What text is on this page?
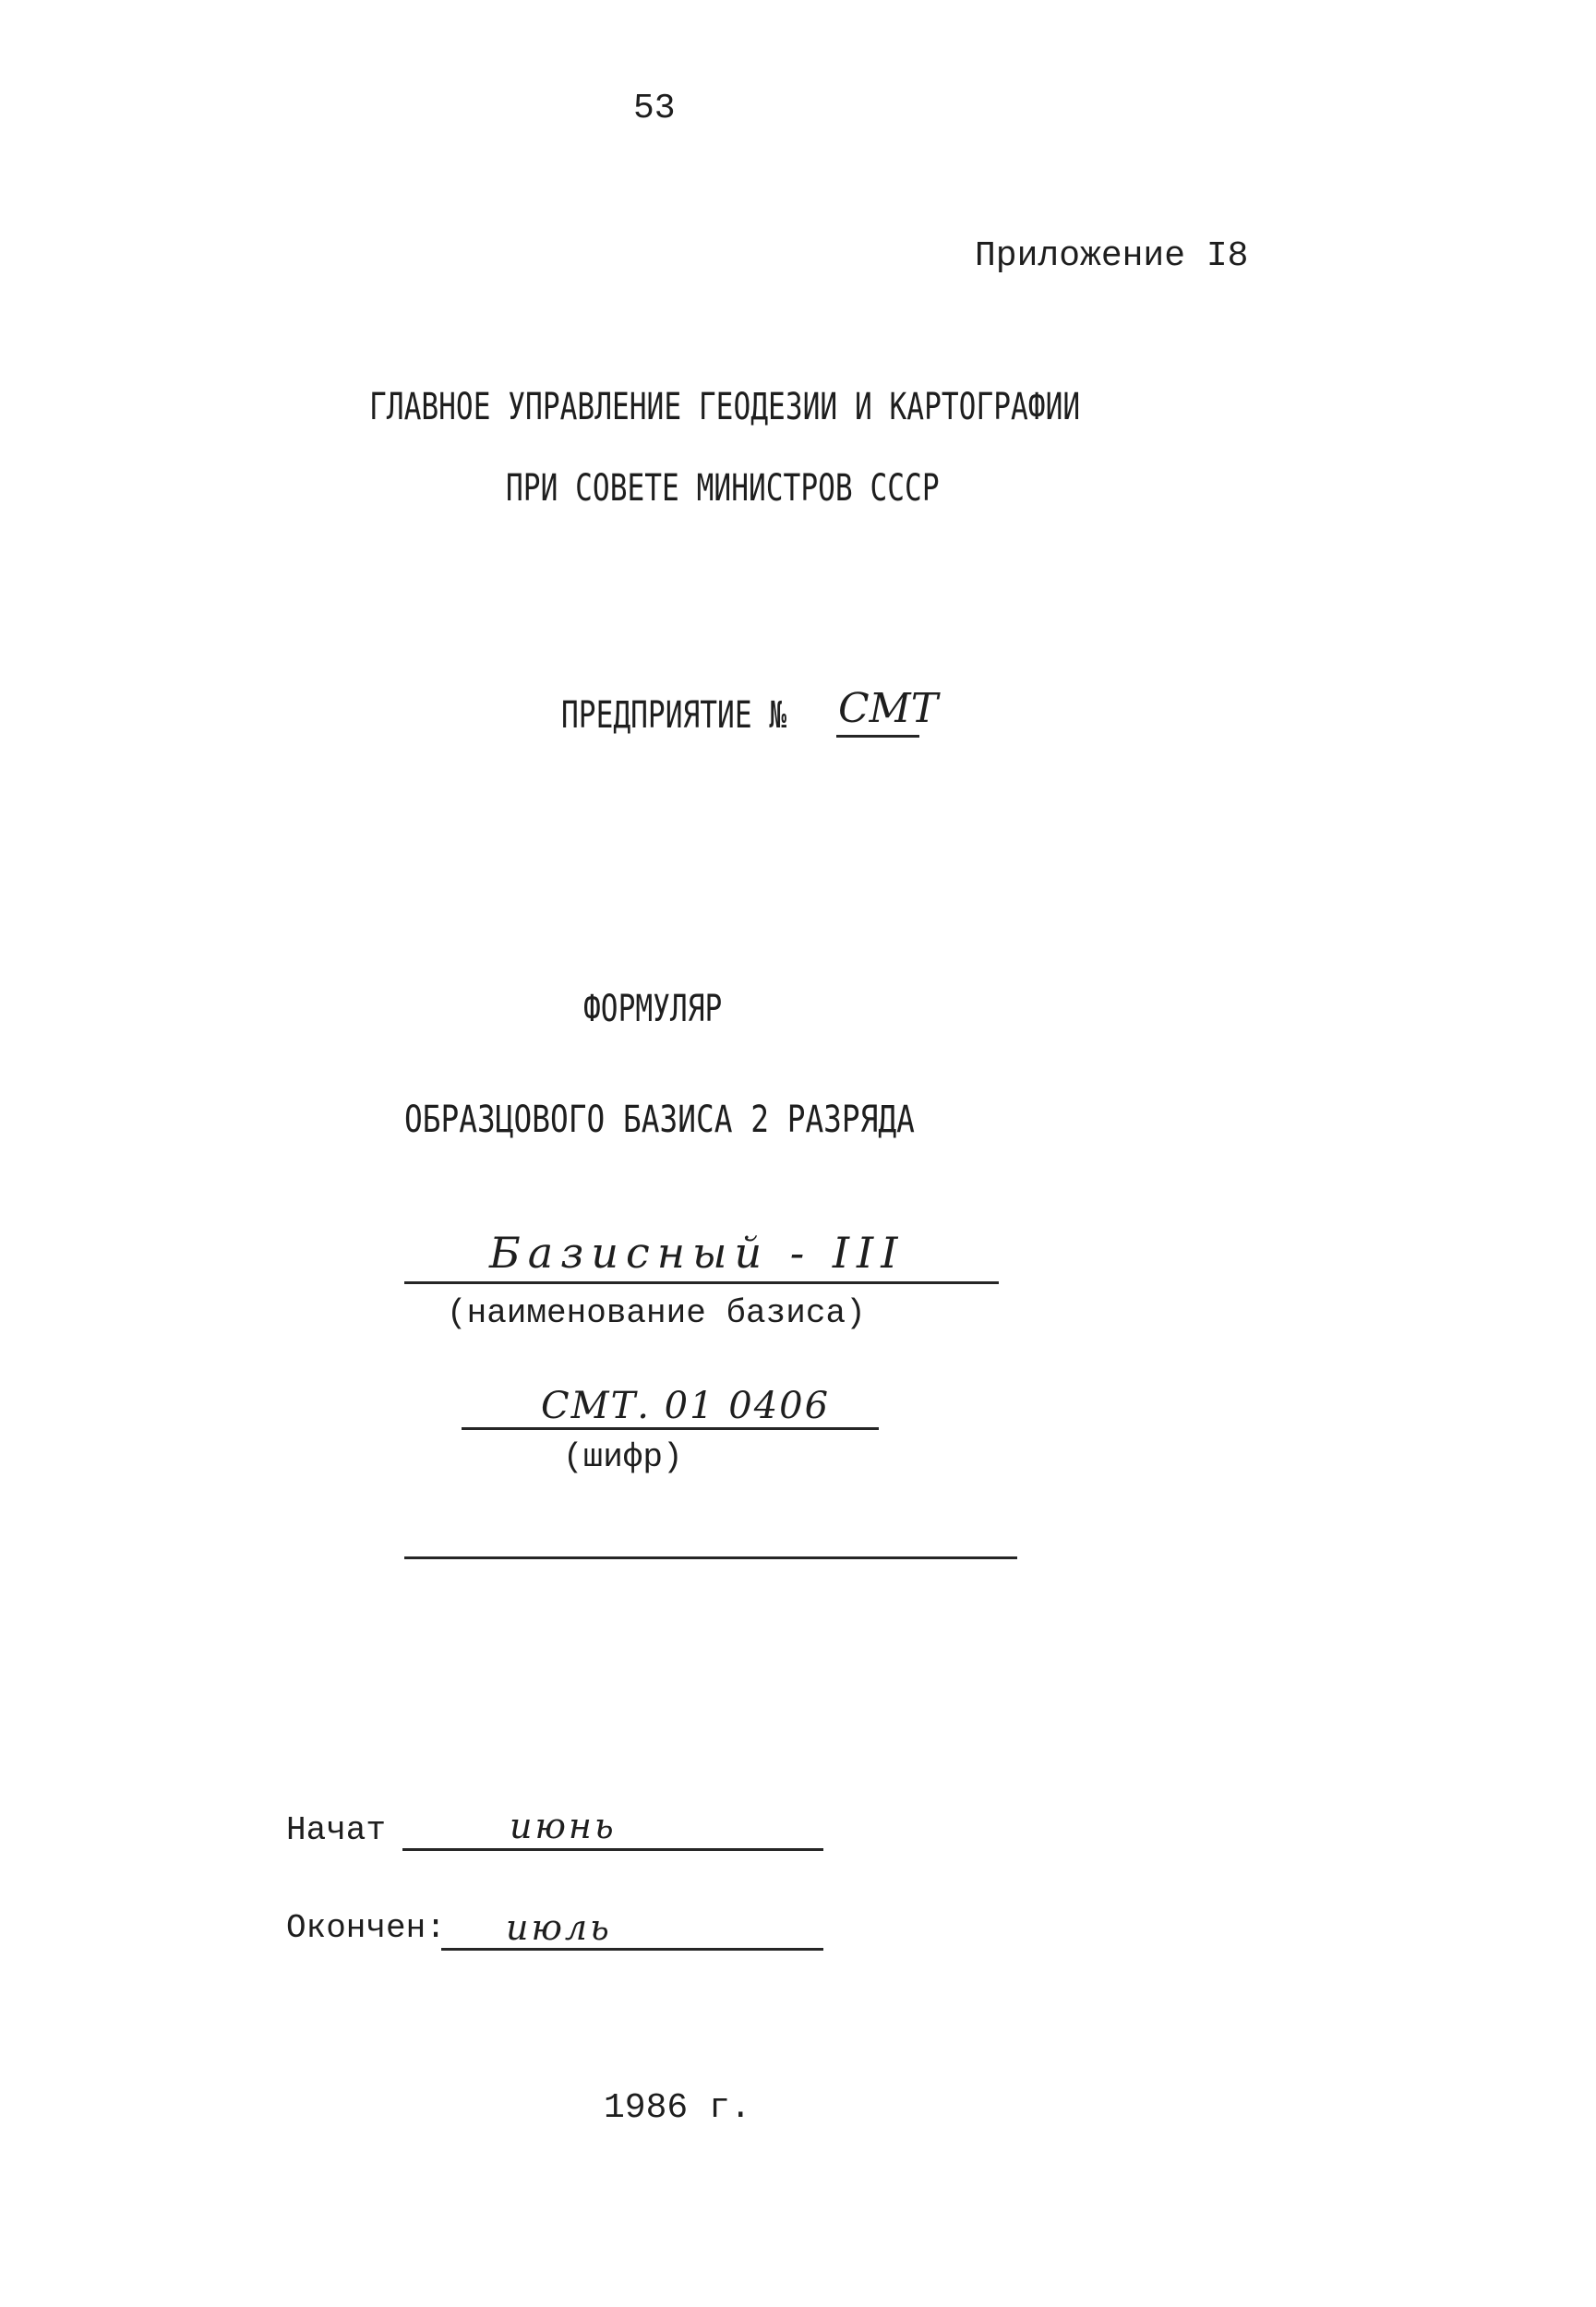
53
Приложение I8
ГЛАВНОЕ УПРАВЛЕНИЕ ГЕОДЕЗИИ И КАРТОГРАФИИ
ПРИ СОВЕТЕ МИНИСТРОВ СССР
ПРЕДПРИЯТИЕ № СМТ
ФОРМУЛЯР
ОБРАЗЦОВОГО БАЗИСА 2 РАЗРЯДА
Базисный - III
(наименование базиса)
СМТ. 01 0406
(шифр)
Начат	июнь
Окончен: июль
1986 г.
